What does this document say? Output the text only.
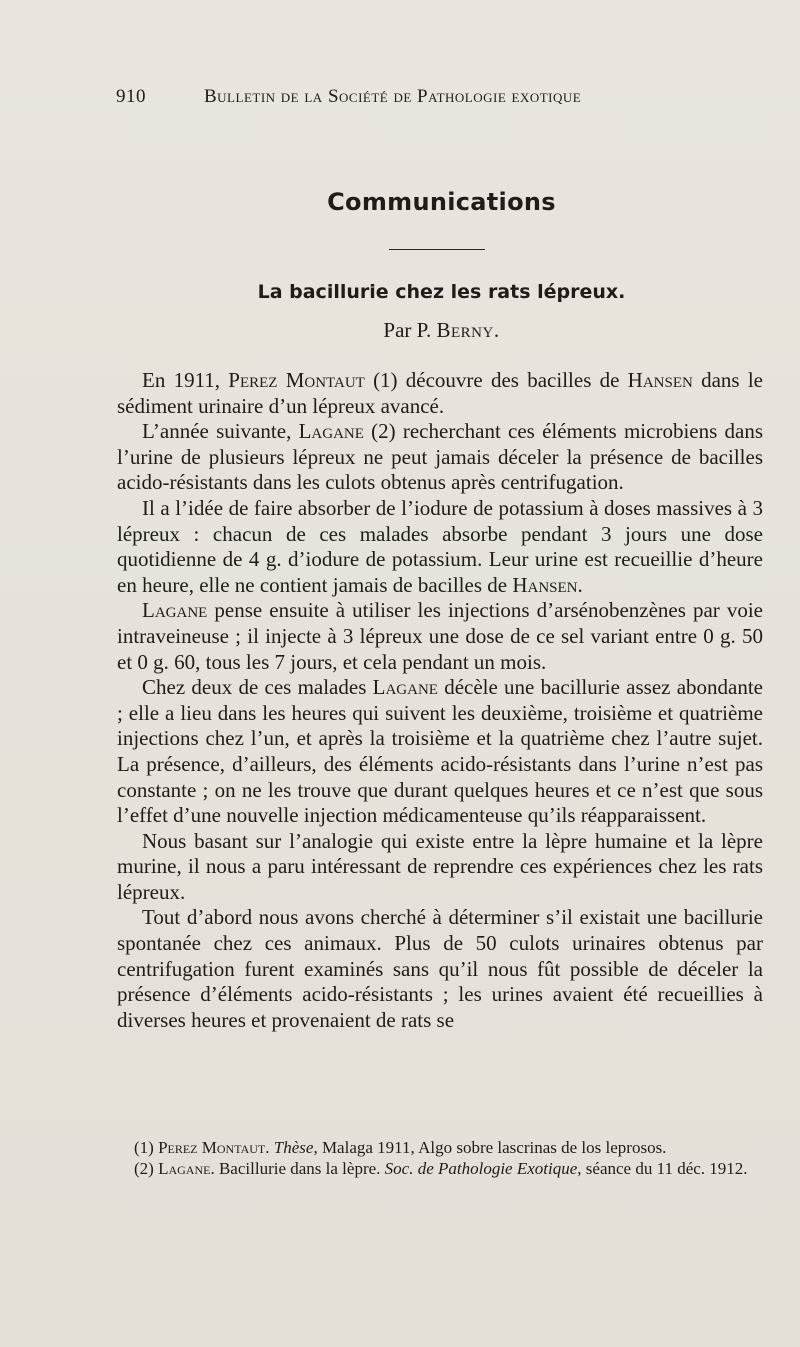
910	Bulletin de la Société de Pathologie exotique
Communications
La bacillurie chez les rats lépreux.
Par P. Berny.

En 1911, Perez Montaut (1) découvre des bacilles de Hansen dans le sédiment urinaire d’un lépreux avancé.

L’année suivante, Lagane (2) recherchant ces éléments microbiens dans l’urine de plusieurs lépreux ne peut jamais déceler la présence de bacilles acido-résistants dans les culots obtenus après centrifugation.

Il a l’idée de faire absorber de l’iodure de potassium à doses massives à 3 lépreux : chacun de ces malades absorbe pendant 3 jours une dose quotidienne de 4 g. d’iodure de potassium. Leur urine est recueillie d’heure en heure, elle ne contient jamais de bacilles de Hansen.

Lagane pense ensuite à utiliser les injections d’arsénobenzènes par voie intraveineuse ; il injecte à 3 lépreux une dose de ce sel variant entre 0 g. 50 et 0 g. 60, tous les 7 jours, et cela pendant un mois.

Chez deux de ces malades Lagane décèle une bacillurie assez abondante ; elle a lieu dans les heures qui suivent les deuxième, troisième et quatrième injections chez l’un, et après la troisième et la quatrième chez l’autre sujet. La présence, d’ailleurs, des éléments acido-résistants dans l’urine n’est pas constante ; on ne les trouve que durant quelques heures et ce n’est que sous l’effet d’une nouvelle injection médicamenteuse qu’ils réapparaissent.

Nous basant sur l’analogie qui existe entre la lèpre humaine et la lèpre murine, il nous a paru intéressant de reprendre ces expériences chez les rats lépreux.

Tout d’abord nous avons cherché à déterminer s’il existait une bacillurie spontanée chez ces animaux. Plus de 50 culots urinaires obtenus par centrifugation furent examinés sans qu’il nous fût possible de déceler la présence d’éléments acido-résistants ; les urines avaient été recueillies à diverses heures et provenaient de rats se

(1) Perez Montaut. Thèse, Malaga 1911, Algo sobre lascrinas de los leprosos.

(2) Lagane. Bacillurie dans la lèpre. Soc. de Pathologie Exotique, séance du 11 déc. 1912.
